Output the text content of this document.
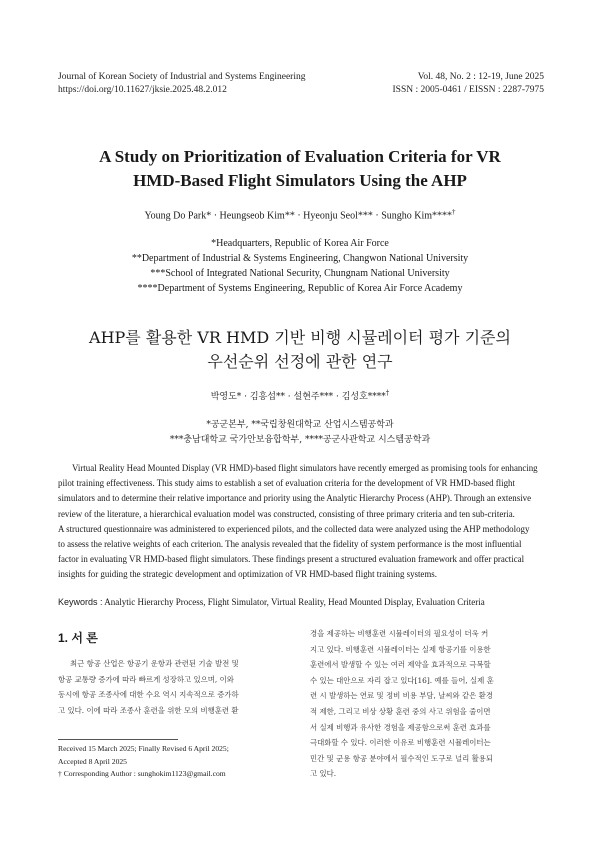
Journal of Korean Society of Industrial and Systems Engineering
https://doi.org/10.11627/jksie.2025.48.2.012
Vol. 48, No. 2 : 12-19, June 2025
ISSN : 2005-0461 / EISSN : 2287-7975
A Study on Prioritization of Evaluation Criteria for VR
HMD-Based Flight Simulators Using the AHP
Young Do Park* · Heungseob Kim** · Hyeonju Seol*** · Sungho Kim****†
*Headquarters, Republic of Korea Air Force
**Department of Industrial & Systems Engineering, Changwon National University
***School of Integrated National Security, Chungnam National University
****Department of Systems Engineering, Republic of Korea Air Force Academy
AHP를 활용한 VR HMD 기반 비행 시뮬레이터 평가 기준의
우선순위 선정에 관한 연구
박영도* · 김흥섭** · 설현주*** · 김성호****†
*공군본부, **국립창원대학교 산업시스템공학과
***충남대학교 국가안보융합학부, ****공군사관학교 시스템공학과
Virtual Reality Head Mounted Display (VR HMD)-based flight simulators have recently emerged as promising tools for enhancing
pilot training effectiveness. This study aims to establish a set of evaluation criteria for the development of VR HMD-based flight
simulators and to determine their relative importance and priority using the Analytic Hierarchy Process (AHP). Through an extensive
review of the literature, a hierarchical evaluation model was constructed, consisting of three primary criteria and ten sub-criteria.
A structured questionnaire was administered to experienced pilots, and the collected data were analyzed using the AHP methodology
to assess the relative weights of each criterion. The analysis revealed that the fidelity of system performance is the most influential
factor in evaluating VR HMD-based flight simulators. These findings present a structured evaluation framework and offer practical
insights for guiding the strategic development and optimization of VR HMD-based flight training systems.
Keywords : Analytic Hierarchy Process, Flight Simulator, Virtual Reality, Head Mounted Display, Evaluation Criteria
1. 서 론
최근 항공 산업은 항공기 운항과 관련된 기술 발전 및
항공 교통량 증가에 따라 빠르게 성장하고 있으며, 이와
동시에 항공 조종사에 대한 수요 역시 지속적으로 증가하
고 있다. 이에 따라 조종사 훈련을 위한 모의 비행훈련 환
경을 제공하는 비행훈련 시뮬레이터의 필요성이 더욱 커
지고 있다. 비행훈련 시뮬레이터는 실제 항공기를 이용한
훈련에서 발생할 수 있는 여러 제약을 효과적으로 극복할
수 있는 대안으로 자리 잡고 있다[16]. 예를 들어, 실제 훈
련 시 발생하는 연료 및 정비 비용 부담, 날씨와 같은 환경
적 제한, 그리고 비상 상황 훈련 중의 사고 위험을 줄이면
서 실제 비행과 유사한 경험을 제공함으로써 훈련 효과를
극대화할 수 있다. 이러한 이유로 비행훈련 시뮬레이터는
민간 및 군용 항공 분야에서 필수적인 도구로 널리 활용되
고 있다.
Received 15 March 2025; Finally Revised 6 April 2025;
Accepted 8 April 2025
† Corresponding Author : sunghokim1123@gmail.com
